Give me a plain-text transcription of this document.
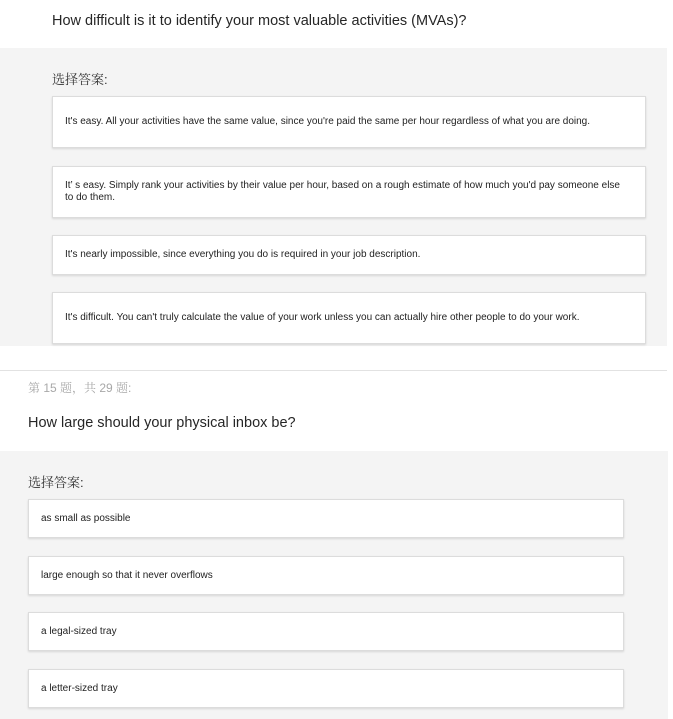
How difficult is it to identify your most valuable activities (MVAs)?
选择答案:
It's easy. All your activities have the same value, since you're paid the same per hour regardless of what you are doing.
It’ s easy. Simply rank your activities by their value per hour, based on a rough estimate of how much you'd pay someone else to do them.
It's nearly impossible, since everything you do is required in your job description.
It's difficult. You can't truly calculate the value of your work unless you can actually hire other people to do your work.
第 15 题，共 29 题:
How large should your physical inbox be?
选择答案:
as small as possible
large enough so that it never overflows
a legal-sized tray
a letter-sized tray
